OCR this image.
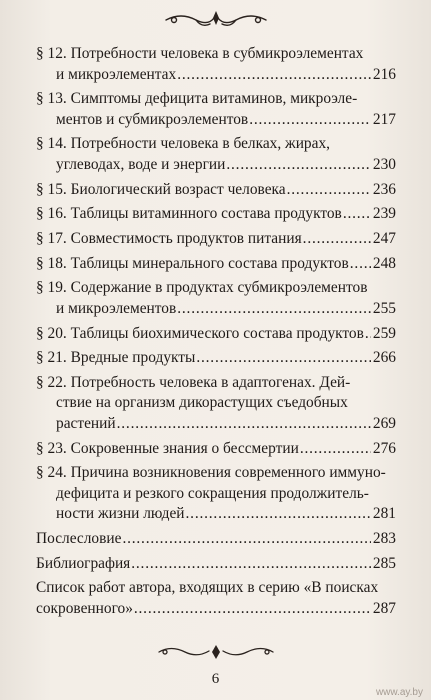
§ 12. Потребности человека в субмикроэлементах
и микроэлементах .....	216
§ 13. Симптомы дефицита витаминов, микроэле-
ментов и субмикроэлементов .....	217
§ 14. Потребности человека в белках, жирах,
углеводах, воде и энергии .....	230
§ 15. Биологический возраст человека .....	236
§ 16. Таблицы витаминного состава продуктов ..... 239
§ 17. Совместимость продуктов питания .....	247
§ 18. Таблицы минерального состава продуктов ..... 248
§ 19. Содержание в продуктах субмикроэлементов
и микроэлементов .....	255
§ 20. Таблицы биохимического состава продуктов ..... 259
§ 21. Вредные продукты .....	266
§ 22. Потребность человека в адаптогенах. Дей-
ствие на организм дикорастущих съедобных
растений .....	269
§ 23. Сокровенные знания о бессмертии .....	276
§ 24. Причина возникновения современного иммуно-
дефицита и резкого сокращения продолжитель-
ности жизни людей .....	281
Послесловие .....	283
Библиография .....	285
Список работ автора, входящих в серию «В поисках
сокровенного» .....	287
6
www.ay.by
